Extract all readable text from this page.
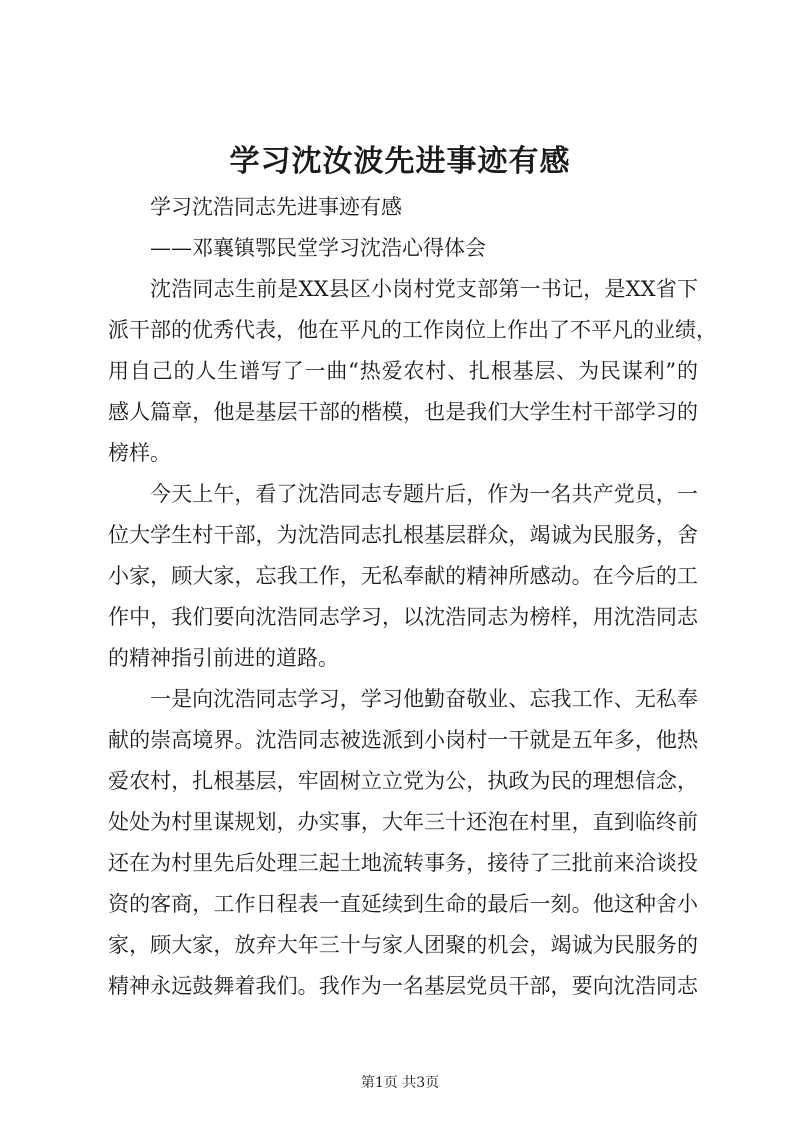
学习沈汝波先进事迹有感
学习沈浩同志先进事迹有感
——邓襄镇鄂民堂学习沈浩心得体会
沈浩同志生前是XX县区小岗村党支部第一书记，是XX省下
派干部的优秀代表，他在平凡的工作岗位上作出了不平凡的业绩，
用自己的人生谱写了一曲“热爱农村、扎根基层、为民谋利”的
感人篇章，他是基层干部的楷模，也是我们大学生村干部学习的
榜样。
今天上午，看了沈浩同志专题片后，作为一名共产党员，一
位大学生村干部，为沈浩同志扎根基层群众，竭诚为民服务，舍
小家，顾大家，忘我工作，无私奉献的精神所感动。在今后的工
作中，我们要向沈浩同志学习，以沈浩同志为榜样，用沈浩同志
的精神指引前进的道路。
一是向沈浩同志学习，学习他勤奋敬业、忘我工作、无私奉
献的崇高境界。沈浩同志被选派到小岗村一干就是五年多，他热
爱农村，扎根基层，牢固树立立党为公，执政为民的理想信念，
处处为村里谋规划，办实事，大年三十还泡在村里，直到临终前
还在为村里先后处理三起土地流转事务，接待了三批前来洽谈投
资的客商，工作日程表一直延续到生命的最后一刻。他这种舍小
家，顾大家，放弃大年三十与家人团聚的机会，竭诚为民服务的
精神永远鼓舞着我们。我作为一名基层党员干部，要向沈浩同志
第1页 共3页
